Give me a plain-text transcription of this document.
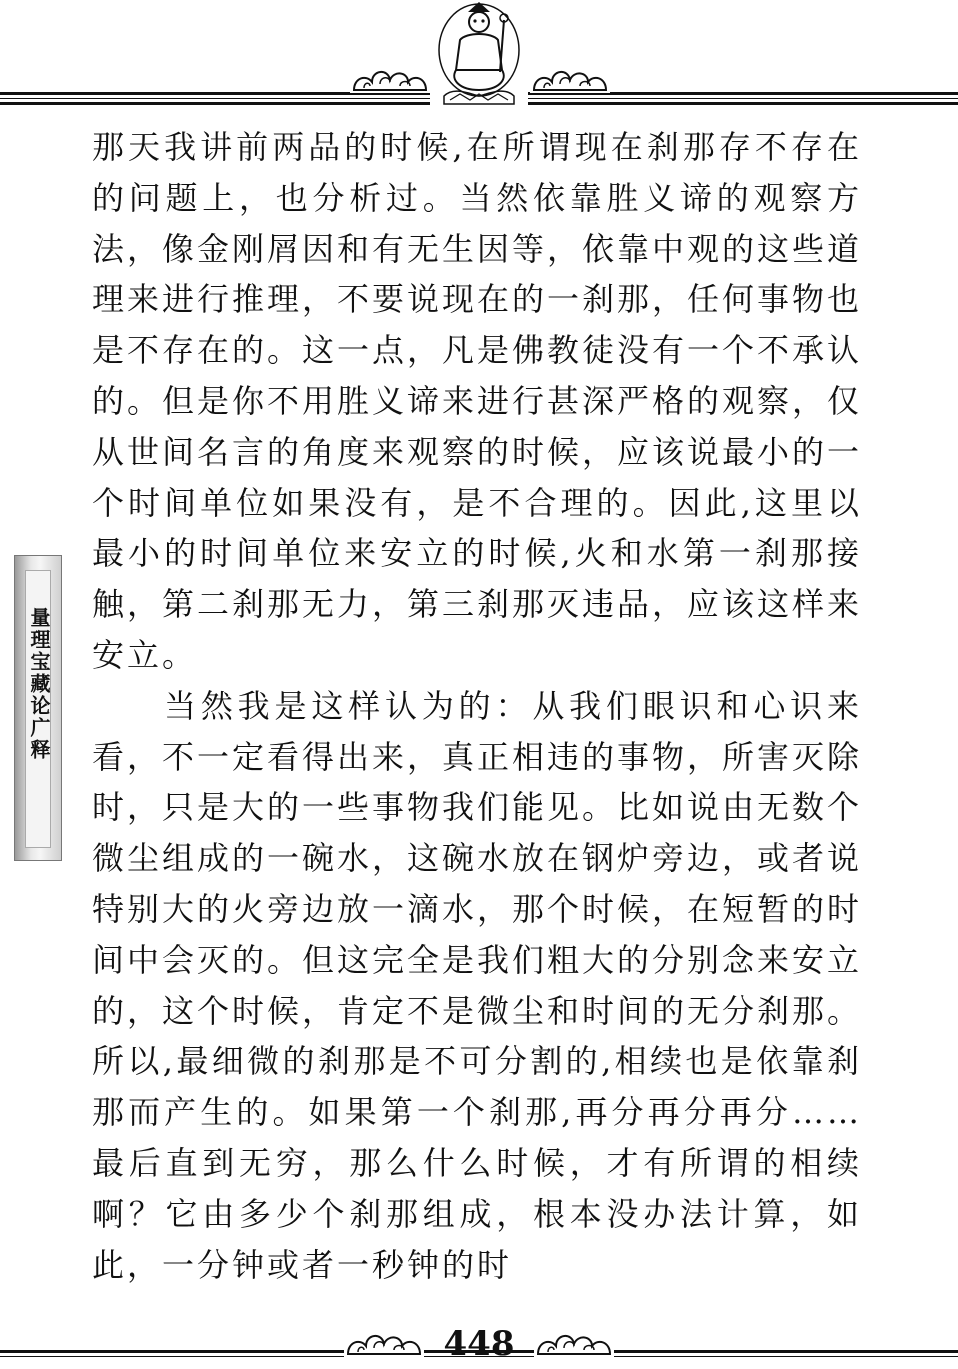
量理宝藏论广释

那天我讲前两品的时候,在所谓现在刹那存不存在的问题上，也分析过。当然依靠胜义谛的观察方法，像金刚屑因和有无生因等，依靠中观的这些道理来进行推理，不要说现在的一刹那，任何事物也是不存在的。这一点，凡是佛教徒没有一个不承认的。但是你不用胜义谛来进行甚深严格的观察，仅从世间名言的角度来观察的时候，应该说最小的一个时间单位如果没有，是不合理的。因此,这里以最小的时间单位来安立的时候,火和水第一刹那接触，第二刹那无力，第三刹那灭违品，应该这样来安立。

当然我是这样认为的：从我们眼识和心识来看，不一定看得出来，真正相违的事物，所害灭除时，只是大的一些事物我们能见。比如说由无数个微尘组成的一碗水，这碗水放在钢炉旁边，或者说特别大的火旁边放一滴水，那个时候，在短暂的时间中会灭的。但这完全是我们粗大的分别念来安立的，这个时候，肯定不是微尘和时间的无分刹那。所以,最细微的刹那是不可分割的,相续也是依靠刹那而产生的。如果第一个刹那,再分再分再分……最后直到无穷，那么什么时候，才有所谓的相续啊？它由多少个刹那组成，根本没办法计算，如此，一分钟或者一秒钟的时

448
